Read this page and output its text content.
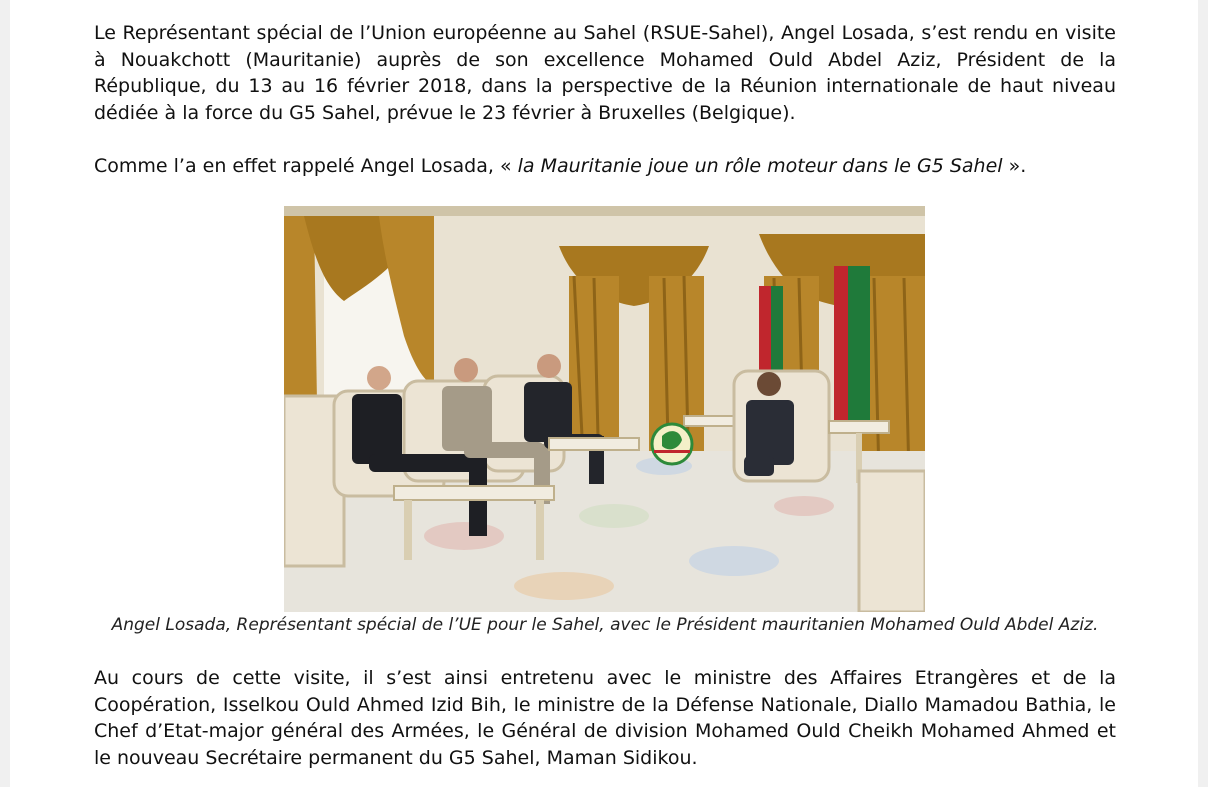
Le Représentant spécial de l’Union européenne au Sahel (RSUE-Sahel), Angel Losada, s’est rendu en visite à Nouakchott (Mauritanie) auprès de son excellence Mohamed Ould Abdel Aziz, Président de la République, du 13 au 16 février 2018, dans la perspective de la Réunion internationale de haut niveau dédiée à la force du G5 Sahel, prévue le 23 février à Bruxelles (Belgique).

Comme l’a en effet rappelé Angel Losada, « la Mauritanie joue un rôle moteur dans le G5 Sahel ».

Angel Losada, Représentant spécial de l’UE pour le Sahel, avec le Président mauritanien Mohamed Ould Abdel Aziz.

Au cours de cette visite, il s’est ainsi entretenu avec le ministre des Affaires Etrangères et de la Coopération, Isselkou Ould Ahmed Izid Bih, le ministre de la Défense Nationale, Diallo Mamadou Bathia, le Chef d’Etat-major général des Armées, le Général de division Mohamed Ould Cheikh Mohamed Ahmed et le nouveau Secrétaire permanent du G5 Sahel, Maman Sidikou.
